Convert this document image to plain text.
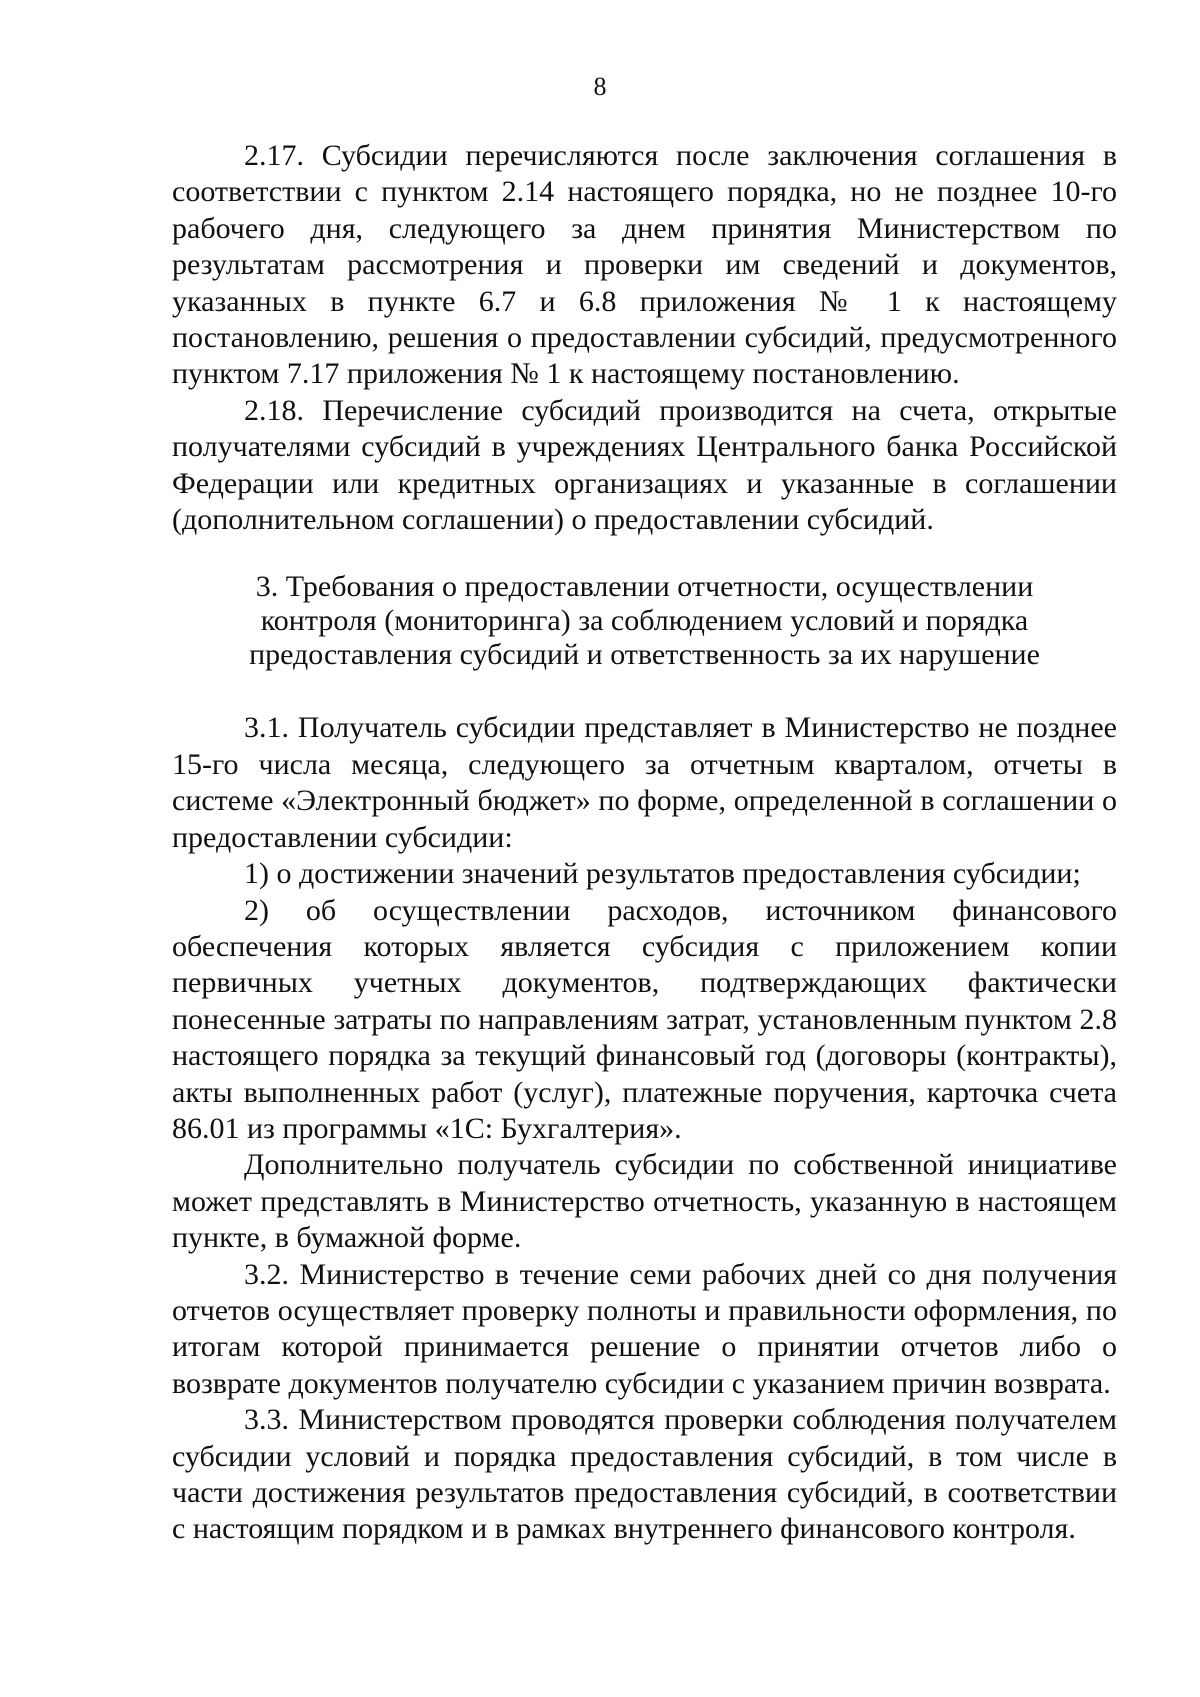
8

2.17. Субсидии перечисляются после заключения соглашения в соответствии с пунктом 2.14 настоящего порядка, но не позднее 10-го рабочего дня, следующего за днем принятия Министерством по результатам рассмотрения и проверки им сведений и документов, указанных в пункте 6.7 и 6.8 приложения № 1 к настоящему постановлению, решения о предоставлении субсидий, предусмотренного пунктом 7.17 приложения № 1 к настоящему постановлению.

2.18. Перечисление субсидий производится на счета, открытые получателями субсидий в учреждениях Центрального банка Российской Федерации или кредитных организациях и указанные в соглашении (дополнительном соглашении) о предоставлении субсидий.

3. Требования о предоставлении отчетности, осуществлении контроля (мониторинга) за соблюдением условий и порядка предоставления субсидий и ответственность за их нарушение

3.1. Получатель субсидии представляет в Министерство не позднее 15-го числа месяца, следующего за отчетным кварталом, отчеты в системе «Электронный бюджет» по форме, определенной в соглашении о предоставлении субсидии:

1) о достижении значений результатов предоставления субсидии;

2) об осуществлении расходов, источником финансового обеспечения которых является субсидия с приложением копии первичных учетных документов, подтверждающих фактически понесенные затраты по направлениям затрат, установленным пунктом 2.8 настоящего порядка за текущий финансовый год (договоры (контракты), акты выполненных работ (услуг), платежные поручения, карточка счета 86.01 из программы «1С: Бухгалтерия».

Дополнительно получатель субсидии по собственной инициативе может представлять в Министерство отчетность, указанную в настоящем пункте, в бумажной форме.

3.2. Министерство в течение семи рабочих дней со дня получения отчетов осуществляет проверку полноты и правильности оформления, по итогам которой принимается решение о принятии отчетов либо о возврате документов получателю субсидии с указанием причин возврата.

3.3. Министерством проводятся проверки соблюдения получателем субсидии условий и порядка предоставления субсидий, в том числе в части достижения результатов предоставления субсидий, в соответствии с настоящим порядком и в рамках внутреннего финансового контроля.
